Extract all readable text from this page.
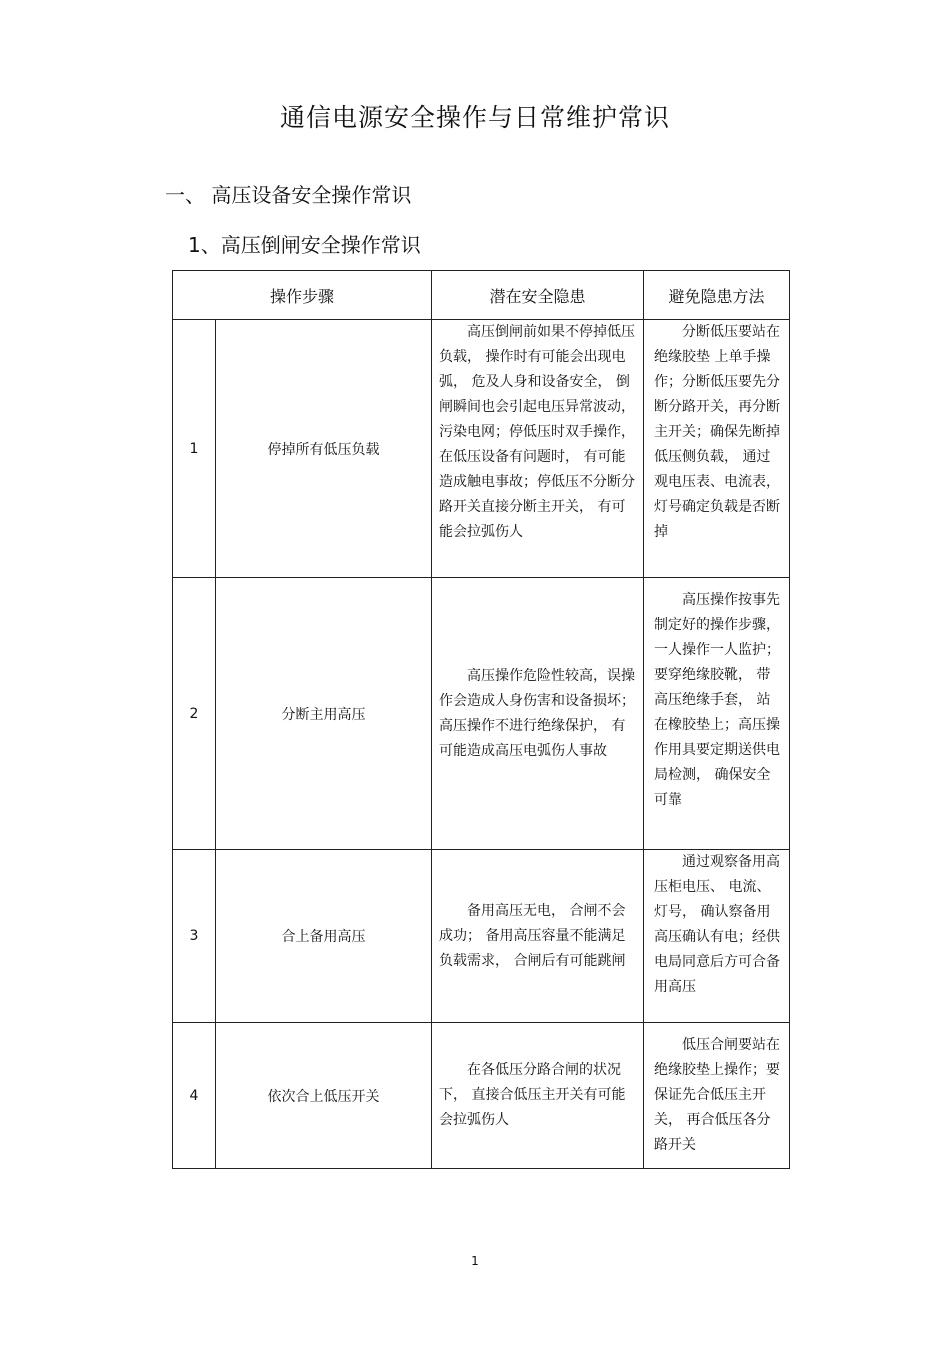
通信电源安全操作与日常维护常识
一、 高压设备安全操作常识
1、高压倒闸安全操作常识
操作步骤		潜在安全隐患	避免隐患方法
1	停掉所有低压负载	高压倒闸前如果不停掉低压负载， 操作时有可能会出现电弧， 危及人身和设备安全， 倒闸瞬间也会引起电压异常波动，污染电网；停低压时双手操作， 在低压设备有问题时， 有可能造成触电事故；停低压不分断分路开关直接分断主开关， 有可能会拉弧伤人	分断低压要站在绝缘胶垫 上单手操作；分断低压要先分断分路开关，再分断主开关；确保先断掉低压侧负载， 通过观电压表、电流表，灯号确定负载是否断掉

2	分断主用高压	高压操作危险性较高，误操作会造成人身伤害和设备损坏； 高压操作不进行绝缘保护， 有可能造成高压电弧伤人事故	高压操作按事先制定好的操作步骤， 一人操作一人监护； 要穿绝缘胶靴， 带高压绝缘手套， 站在橡胶垫上；高压操作用具要定期送供电局检测， 确保安全可靠

3	合上备用高压	备用高压无电， 合闸不会成功； 备用高压容量不能满足负载需求， 合闸后有可能跳闸	通过观察备用高压柜电压、 电流、灯号， 确认察备用高压确认有电；经供电局同意后方可合备用高压

4	依次合上低压开关	在各低压分路合闸的状况下， 直接合低压主开关有可能会拉弧伤人	低压合闸要站在绝缘胶垫上操作；要保证先合低压主开关， 再合低压各分路开关
1
